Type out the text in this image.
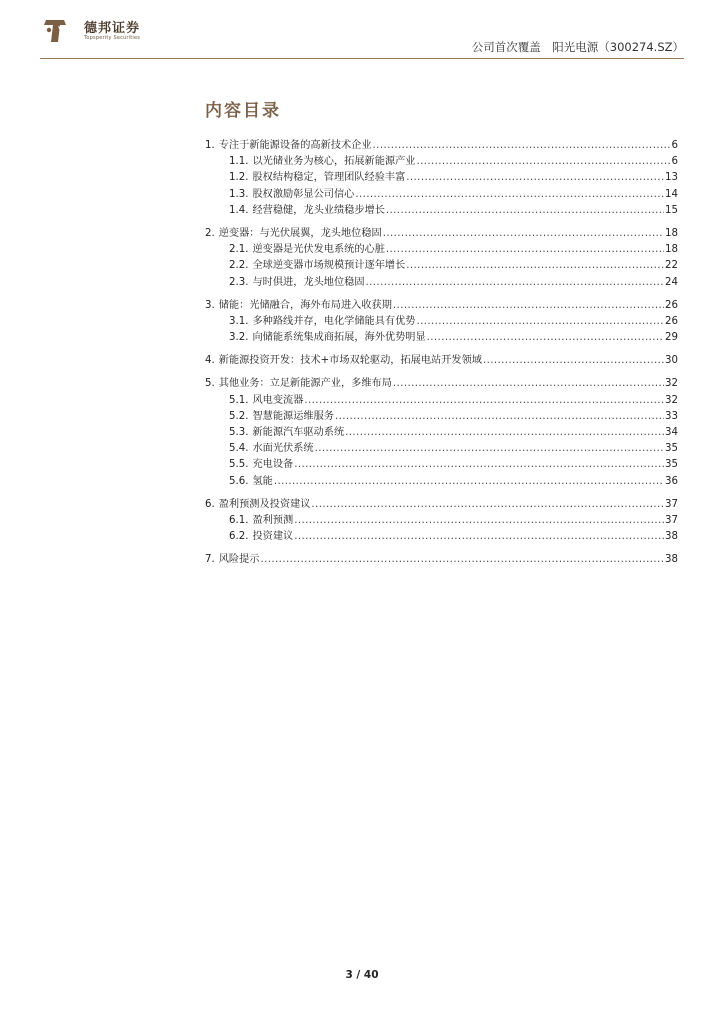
德邦证券
Topsperity Securities
公司首次覆盖　阳光电源（300274.SZ）
内容目录
1. 专注于新能源设备的高新技术企业 .....	6
1.1. 以光储业务为核心，拓展新能源产业 .....	6
1.2. 股权结构稳定，管理团队经验丰富 .....	13
1.3. 股权激励彰显公司信心 .....	14
1.4. 经营稳健，龙头业绩稳步增长 .....	15
2. 逆变器：与光伏展翼，龙头地位稳固 .....	18
2.1. 逆变器是光伏发电系统的心脏 .....	18
2.2. 全球逆变器市场规模预计逐年增长 .....	22
2.3. 与时俱进，龙头地位稳固 .....	24
3. 储能：光储融合，海外布局进入收获期 .....	26
3.1. 多种路线并存，电化学储能具有优势 .....	26
3.2. 向储能系统集成商拓展，海外优势明显 .....	29
4. 新能源投资开发：技术+市场双轮驱动，拓展电站开发领域 .....	30
5. 其他业务：立足新能源产业，多维布局 .....	32
5.1. 风电变流器 .....	32
5.2. 智慧能源运维服务 .....	33
5.3. 新能源汽车驱动系统 .....	34
5.4. 水面光伏系统 .....	35
5.5. 充电设备 .....	35
5.6. 氢能 .....	36
6. 盈利预测及投资建议 .....	37
6.1. 盈利预测 .....	37
6.2. 投资建议 .....	38
7. 风险提示 .....	38
3 / 40
